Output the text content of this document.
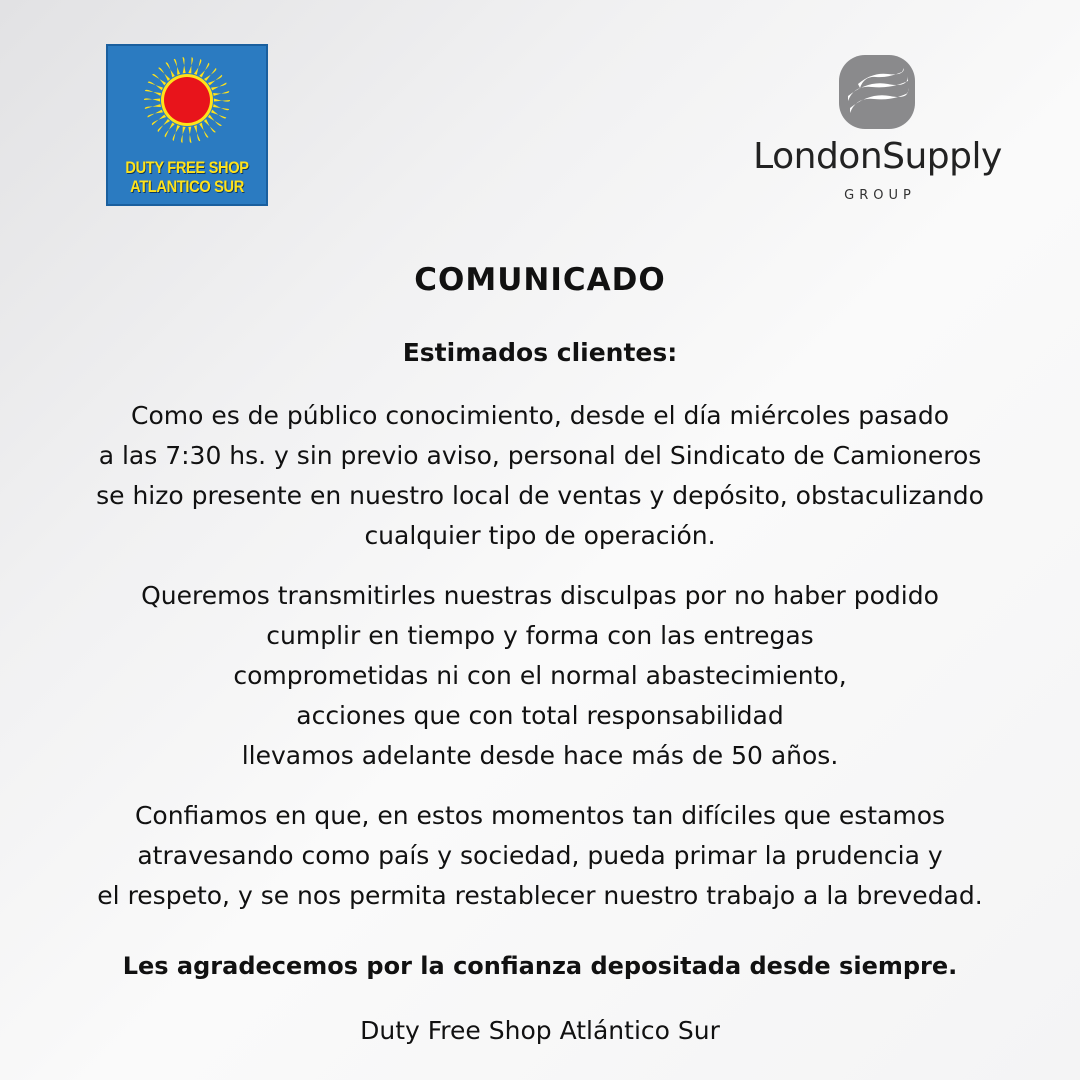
DUTY FREE SHOP
ATLANTICO SUR
LondonSupply
GROUP
COMUNICADO

Estimados clientes:

Como es de público conocimiento, desde el día miércoles pasado
a las 7:30 hs. y sin previo aviso, personal del Sindicato de Camioneros
se hizo presente en nuestro local de ventas y depósito, obstaculizando
cualquier tipo de operación.

Queremos transmitirles nuestras disculpas por no haber podido
cumplir en tiempo y forma con las entregas
comprometidas ni con el normal abastecimiento,
acciones que con total responsabilidad
llevamos adelante desde hace más de 50 años.

Confiamos en que, en estos momentos tan difíciles que estamos
atravesando como país y sociedad, pueda primar la prudencia y
el respeto, y se nos permita restablecer nuestro trabajo a la brevedad.

Les agradecemos por la confianza depositada desde siempre.

Duty Free Shop Atlántico Sur
